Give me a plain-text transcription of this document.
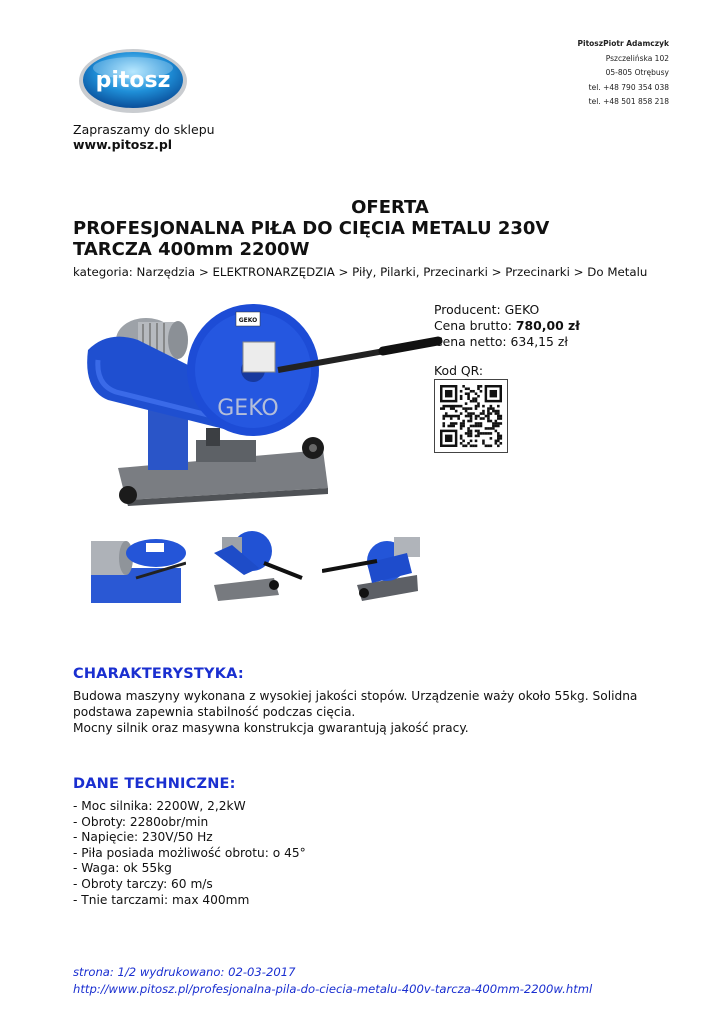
pitosz
PitoszPiotr Adamczyk
Pszczelińska 102
05-805 Otrębusy
tel. +48 790 354 038
tel. +48 501 858 218
Zapraszamy do sklepu
www.pitosz.pl
OFERTA
PROFESJONALNA PIŁA DO CIĘCIA METALU 230V
TARCZA 400mm 2200W
kategoria: Narzędzia > ELEKTRONARZĘDZIA > Piły, Pilarki, Przecinarki > Przecinarki > Do Metalu
GEKO
GEKO
Producent: GEKO
Cena brutto: 780,00 zł
Cena netto: 634,15 zł
Kod QR:
CHARAKTERYSTYKA:
Budowa maszyny wykonana z wysokiej jakości stopów. Urządzenie waży około 55kg. Solidna
podstawa zapewnia stabilność podczas cięcia.
Mocny silnik oraz masywna konstrukcja gwarantują jakość pracy.
DANE TECHNICZNE:
- Moc silnika: 2200W, 2,2kW
- Obroty: 2280obr/min
- Napięcie: 230V/50 Hz
- Piła posiada możliwość obrotu: o 45°
- Waga: ok 55kg
- Obroty tarczy: 60 m/s
- Tnie tarczami: max 400mm
strona: 1/2 wydrukowano: 02-03-2017
http://www.pitosz.pl/profesjonalna-pila-do-ciecia-metalu-400v-tarcza-400mm-2200w.html
